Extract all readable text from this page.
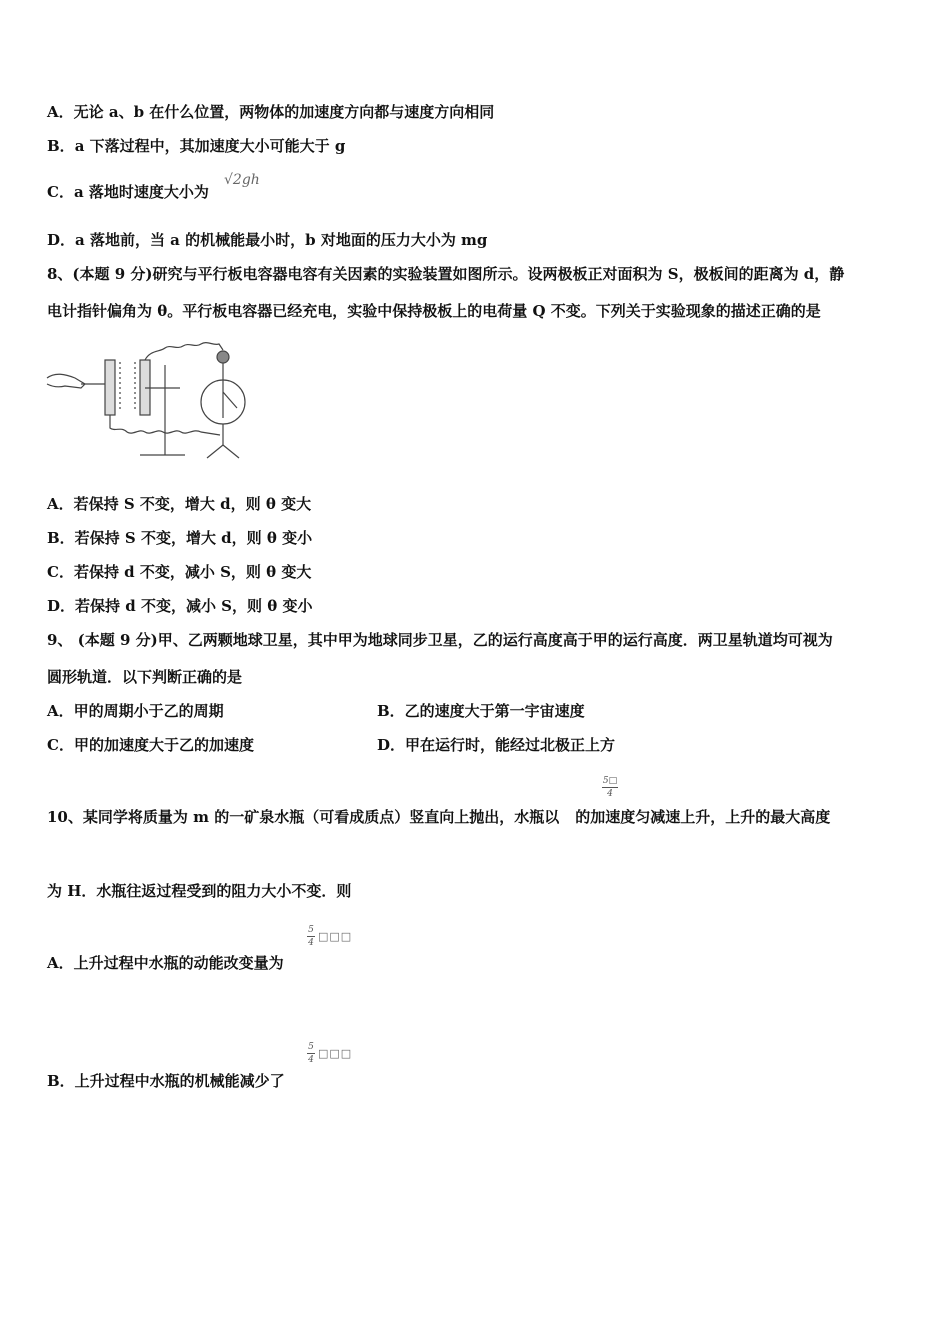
A．无论 a、b 在什么位置，两物体的加速度方向都与速度方向相同
B．a 下落过程中，其加速度大小可能大于 g
C．a 落地时速度大小为
√2gh
D．a 落地前，当 a 的机械能最小时，b 对地面的压力大小为 mg
8、(本题 9 分)研究与平行板电容器电容有关因素的实验装置如图所示。设两极板正对面积为 S，极板间的距离为 d，静
电计指针偏角为 θ。平行板电容器已经充电，实验中保持极板上的电荷量 Q 不变。下列关于实验现象的描述正确的是
A．若保持 S 不变，增大 d，则 θ 变大
B．若保持 S 不变，增大 d，则 θ 变小
C．若保持 d 不变，减小 S，则 θ 变大
D．若保持 d 不变，减小 S，则 θ 变小
9、 (本题 9 分)甲、乙两颗地球卫星，其中甲为地球同步卫星，乙的运行高度高于甲的运行高度．两卫星轨道均可视为
圆形轨道．以下判断正确的是
A．甲的周期小于乙的周期	B．乙的速度大于第一宇宙速度
C．甲的加速度大于乙的加速度	D．甲在运行时，能经过北极正上方
5□
4
10、某同学将质量为 m 的一矿泉水瓶（可看成质点）竖直向上抛出，水瓶以 的加速度匀减速上升，上升的最大高度
为 H．水瓶往返过程受到的阻力大小不变．则
5
4 □□□
A．上升过程中水瓶的动能改变量为
5
4 □□□
B．上升过程中水瓶的机械能减少了
